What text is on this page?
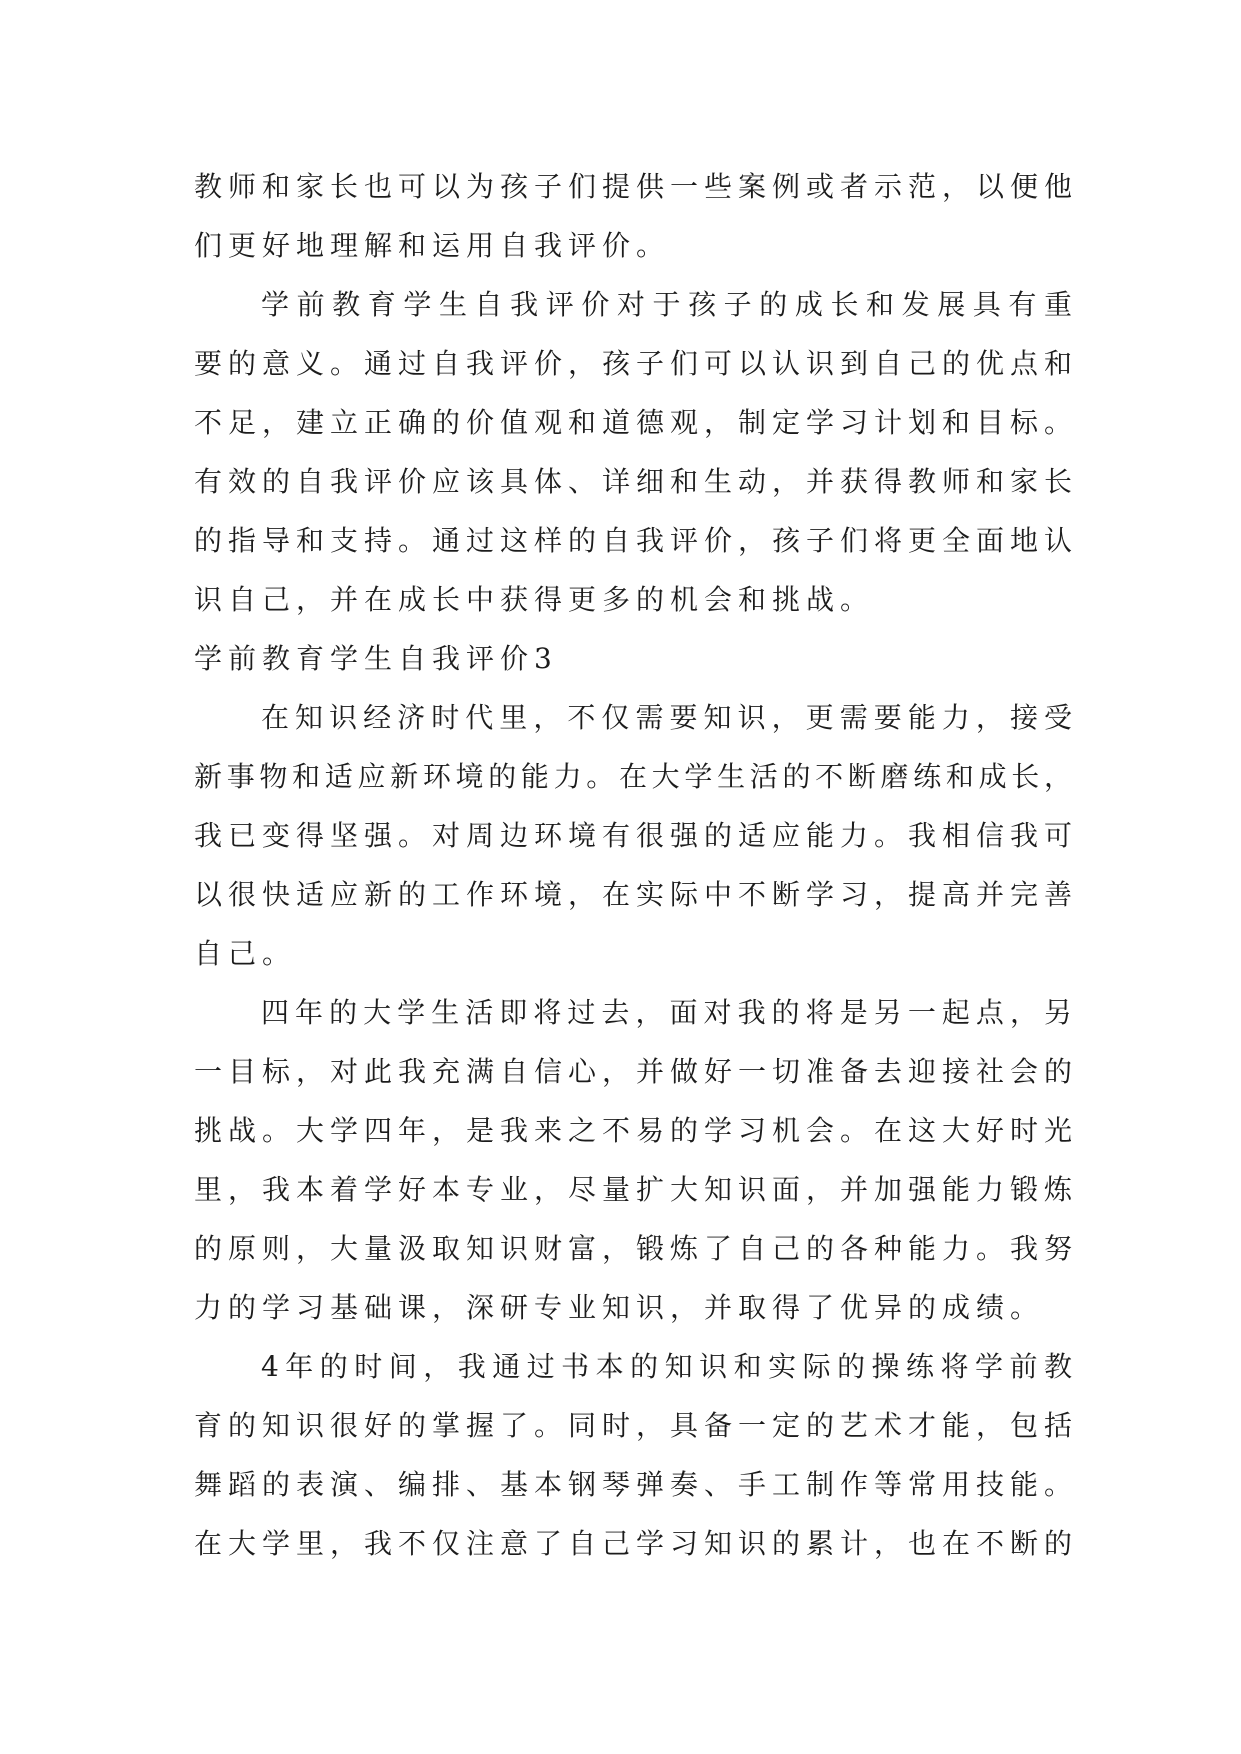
教师和家长也可以为孩子们提供一些案例或者示范，以便他
们更好地理解和运用自我评价。
学前教育学生自我评价对于孩子的成长和发展具有重
要的意义。通过自我评价，孩子们可以认识到自己的优点和
不足，建立正确的价值观和道德观，制定学习计划和目标。
有效的自我评价应该具体、详细和生动，并获得教师和家长
的指导和支持。通过这样的自我评价，孩子们将更全面地认
识自己，并在成长中获得更多的机会和挑战。
学前教育学生自我评价3
在知识经济时代里，不仅需要知识，更需要能力，接受
新事物和适应新环境的能力。在大学生活的不断磨练和成长，
我已变得坚强。对周边环境有很强的适应能力。我相信我可
以很快适应新的工作环境，在实际中不断学习，提高并完善
自己。
四年的大学生活即将过去，面对我的将是另一起点，另
一目标，对此我充满自信心，并做好一切准备去迎接社会的
挑战。大学四年，是我来之不易的学习机会。在这大好时光
里，我本着学好本专业，尽量扩大知识面，并加强能力锻炼
的原则，大量汲取知识财富，锻炼了自己的各种能力。我努
力的学习基础课，深研专业知识，并取得了优异的成绩。
4年的时间，我通过书本的知识和实际的操练将学前教
育的知识很好的掌握了。同时，具备一定的艺术才能，包括
舞蹈的表演、编排、基本钢琴弹奏、手工制作等常用技能。
在大学里，我不仅注意了自己学习知识的累计，也在不断的
